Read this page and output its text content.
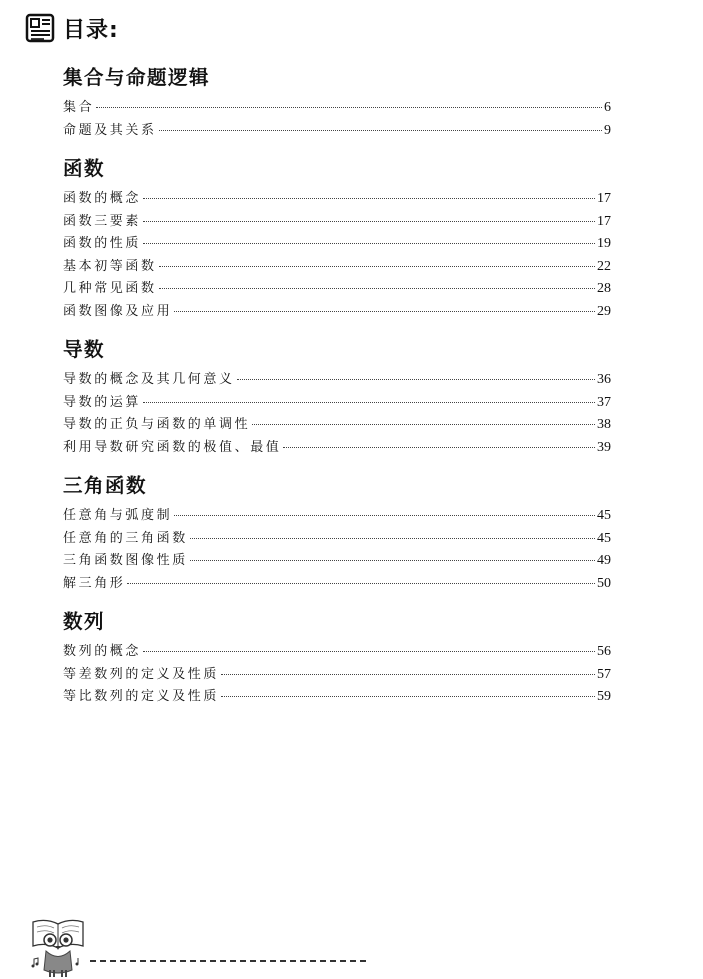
目录:
集合与命题逻辑
集合	6
命题及其关系	9
函数
函数的概念	17
函数三要素	17
函数的性质	19
基本初等函数	22
几种常见函数	28
函数图像及应用	29
导数
导数的概念及其几何意义	36
导数的运算	37
导数的正负与函数的单调性	38
利用导数研究函数的极值、最值	39
三角函数
任意角与弧度制	45
任意角的三角函数	45
三角函数图像性质	49
解三角形	50
数列
数列的概念	56
等差数列的定义及性质	57
等比数列的定义及性质	59
